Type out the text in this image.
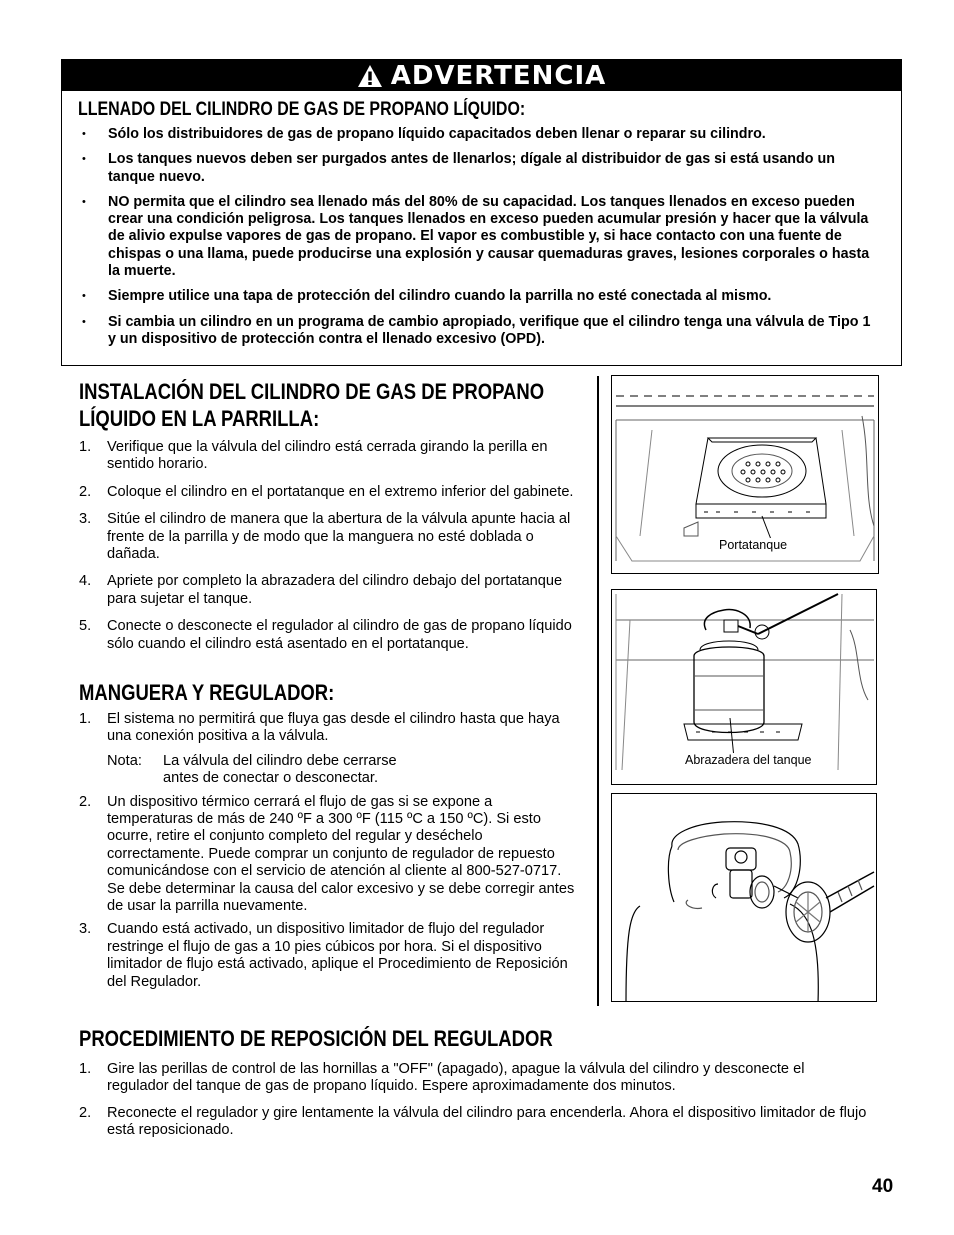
ADVERTENCIA
LLENADO DEL CILINDRO DE GAS DE PROPANO LÍQUIDO:
• Sólo los distribuidores de gas de propano líquido capacitados deben llenar o reparar su cilindro.
• Los tanques nuevos deben ser purgados antes de llenarlos; dígale al distribuidor de gas si está usando un tanque nuevo.
• NO permita que el cilindro sea llenado más del 80% de su capacidad. Los tanques llenados en exceso pueden crear una condición peligrosa. Los tanques llenados en exceso pueden acumular presión y hacer que la válvula de alivio expulse vapores de gas de propano. El vapor es combustible y, si hace contacto con una fuente de chispas o una llama, puede producirse una explosión y causar quemaduras graves, lesiones corporales o hasta la muerte.
• Siempre utilice una tapa de protección del cilindro cuando la parrilla no esté conectada al mismo.
• Si cambia un cilindro en un programa de cambio apropiado, verifique que el cilindro tenga una válvula de Tipo 1 y un dispositivo de protección contra el llenado excesivo (OPD).
INSTALACIÓN DEL CILINDRO DE GAS DE PROPANO
LÍQUIDO EN LA PARRILLA:
1. Verifique que la válvula del cilindro está cerrada girando la perilla en sentido horario.
2. Coloque el cilindro en el portatanque en el extremo inferior del gabinete.
3. Sitúe el cilindro de manera que la abertura de la válvula apunte hacia al frente de la parrilla y de modo que la manguera no esté doblada o dañada.
4. Apriete por completo la abrazadera del cilindro debajo del portatanque para sujetar el tanque.
5. Conecte o desconecte el regulador al cilindro de gas de propano líquido sólo cuando el cilindro está asentado en el portatanque.
MANGUERA Y REGULADOR:
1. El sistema no permitirá que fluya gas desde el cilindro hasta que haya una conexión positiva a la válvula.
Nota:	La válvula del cilindro debe cerrarse
antes de conectar o desconectar.
2. Un dispositivo térmico cerrará el flujo de gas si se expone a temperaturas de más de 240 ºF a 300 ºF (115 ºC a 150 ºC). Si esto ocurre, retire el conjunto completo del regular y deséchelo correctamente. Puede comprar un conjunto de regulador de repuesto comunicándose con el servicio de atención al cliente al 800-527-0717. Se debe determinar la causa del calor excesivo y se debe corregir antes de usar la parrilla nuevamente.
3. Cuando está activado, un dispositivo limitador de flujo del regulador restringe el flujo de gas a 10 pies cúbicos por hora. Si el dispositivo limitador de flujo está activado, aplique el Procedimiento de Reposición del Regulador.
Portatanque
Abrazadera del tanque
PROCEDIMIENTO DE REPOSICIÓN DEL REGULADOR
1. Gire las perillas de control de las hornillas a "OFF" (apagado), apague la válvula del cilindro y desconecte el regulador del tanque de gas de propano líquido. Espere aproximadamente dos minutos.
2. Reconecte el regulador y gire lentamente la válvula del cilindro para encenderla. Ahora el dispositivo limitador de flujo está reposicionado.
40
